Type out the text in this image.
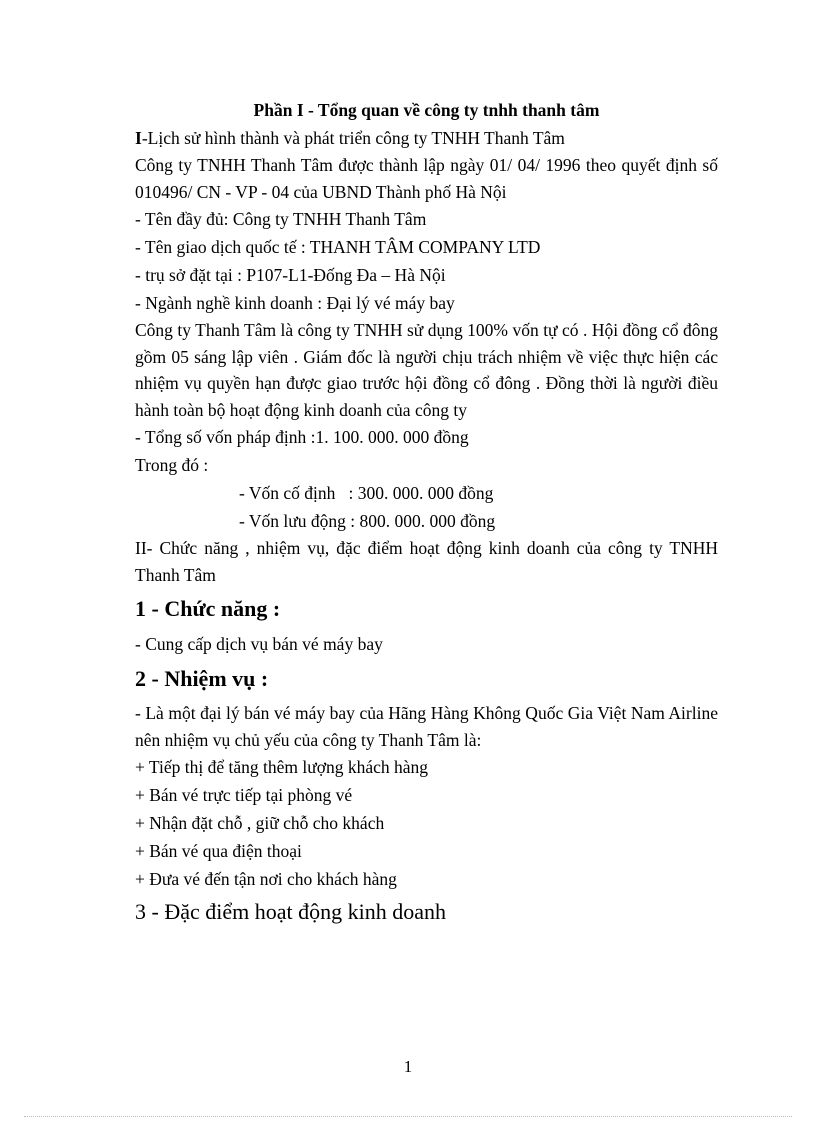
Phần I - Tổng quan về công ty tnhh thanh tâm

I-Lịch sử hình thành và phát triển công ty TNHH Thanh Tâm

Công ty TNHH Thanh Tâm được thành lập ngày 01/ 04/ 1996 theo quyết định số 010496/ CN - VP - 04 của UBND Thành phố Hà Nội

- Tên đầy đủ: Công ty TNHH Thanh Tâm

- Tên giao dịch quốc tế : THANH TÂM COMPANY LTD

- trụ sở đặt tại : P107-L1-Đống Đa – Hà Nội

- Ngành nghề kinh doanh : Đại lý vé máy bay

Công ty Thanh Tâm là công ty TNHH sử dụng 100% vốn tự có . Hội đồng cổ đông gồm 05 sáng lập viên . Giám đốc là người chịu trách nhiệm về việc thực hiện các nhiệm vụ quyền hạn được giao trước hội đồng cổ đông . Đồng thời là người điều hành toàn bộ hoạt động kinh doanh của công ty

- Tổng số vốn pháp định :1. 100. 000. 000 đồng

Trong đó :

- Vốn cố định   : 300. 000. 000 đồng

- Vốn lưu động : 800. 000. 000 đồng

II- Chức năng , nhiệm vụ, đặc điểm hoạt động kinh doanh của công ty TNHH Thanh Tâm

1 - Chức năng :

- Cung cấp dịch vụ bán vé máy bay

2 - Nhiệm vụ :

- Là một đại lý bán vé máy bay của Hãng Hàng Không Quốc Gia Việt Nam Airline nên nhiệm vụ chủ yếu của công ty Thanh Tâm là:

+ Tiếp thị để tăng thêm lượng khách hàng

+ Bán vé trực tiếp tại phòng vé

+ Nhận đặt chỗ , giữ chỗ cho khách

+ Bán vé qua điện thoại

+ Đưa vé đến tận nơi cho khách hàng

3 - Đặc điểm hoạt động kinh doanh

1
